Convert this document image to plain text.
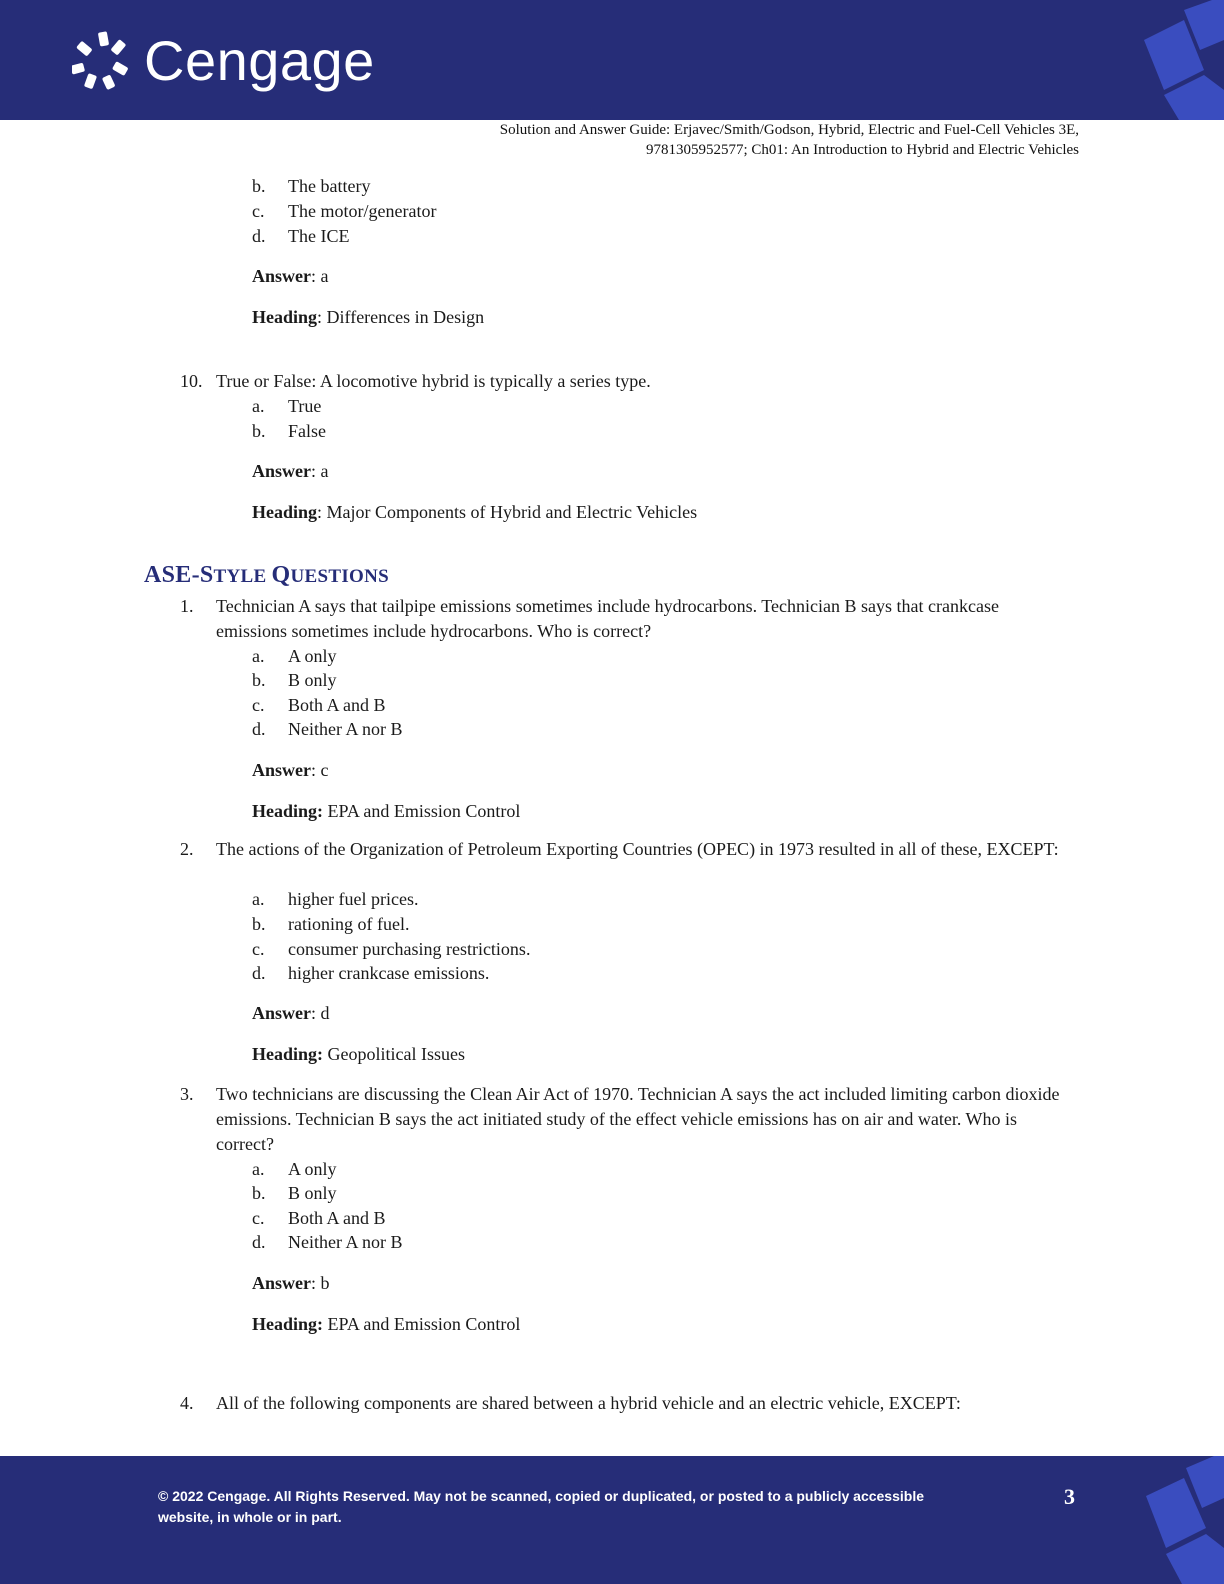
Cengage
Solution and Answer Guide: Erjavec/Smith/Godson, Hybrid, Electric and Fuel-Cell Vehicles 3E,
9781305952577; Ch01: An Introduction to Hybrid and Electric Vehicles
b. The battery
c. The motor/generator
d. The ICE
Answer: a
Heading: Differences in Design
10. True or False: A locomotive hybrid is typically a series type.
a. True
b. False
Answer: a
Heading: Major Components of Hybrid and Electric Vehicles
ASE-STYLE QUESTIONS
1. Technician A says that tailpipe emissions sometimes include hydrocarbons. Technician B says that crankcase emissions sometimes include hydrocarbons. Who is correct?
a. A only
b. B only
c. Both A and B
d. Neither A nor B
Answer: c
Heading: EPA and Emission Control
2. The actions of the Organization of Petroleum Exporting Countries (OPEC) in 1973 resulted in all of these, EXCEPT:
a. higher fuel prices.
b. rationing of fuel.
c. consumer purchasing restrictions.
d. higher crankcase emissions.
Answer: d
Heading: Geopolitical Issues
3. Two technicians are discussing the Clean Air Act of 1970. Technician A says the act included limiting carbon dioxide emissions. Technician B says the act initiated study of the effect vehicle emissions has on air and water. Who is correct?
a. A only
b. B only
c. Both A and B
d. Neither A nor B
Answer: b
Heading: EPA and Emission Control
4. All of the following components are shared between a hybrid vehicle and an electric vehicle, EXCEPT:
© 2022 Cengage. All Rights Reserved. May not be scanned, copied or duplicated, or posted to a publicly accessible
website, in whole or in part.
3
